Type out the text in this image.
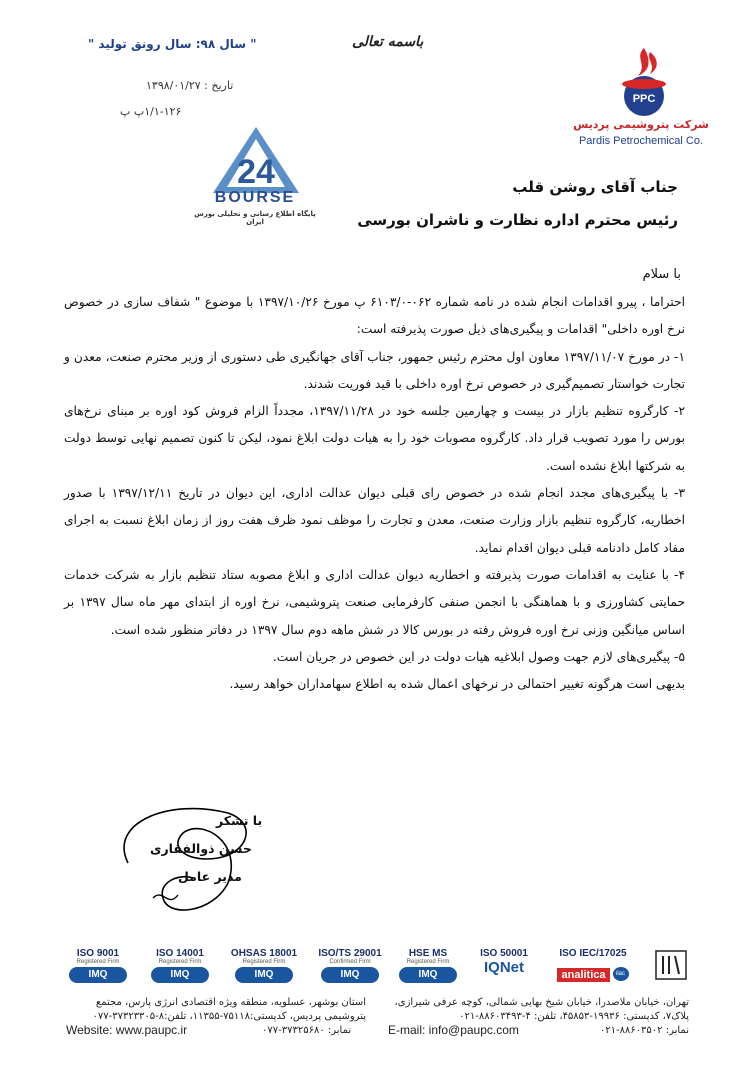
" سال ۹۸: سال رونق تولید "	باسمه تعالی
تاریخ : ۱۳۹۸/۰۱/۲۷
۱/۱-۱۲۶پ پ
PPC
شرکت پتروشیمی پردیس
Pardis Petrochemical Co.
24
BOURSE
پایگاه اطلاع رسانی و تحلیلی بورس ایران
جناب آقای روشن قلب
رئیس محترم اداره نظارت و ناشران بورسی
با سلام

احتراما ، پیرو اقدامات انجام شده در نامه شماره ۰۶۲-۶۱۰۳/۰ پ مورخ ۱۳۹۷/۱۰/۲۶ با موضوع " شفاف سازی در خصوص نرخ اوره داخلی" اقدامات و پیگیری‌های ذیل صورت پذیرفته است:

۱- در مورخ ۱۳۹۷/۱۱/۰۷ معاون اول محترم رئیس جمهور، جناب آقای جهانگیری طی دستوری از وزیر محترم صنعت، معدن و تجارت خواستار تصمیم‌گیری در خصوص نرخ اوره داخلی با قید فوریت شدند.

۲- کارگروه تنظیم بازار در بیست و چهارمین جلسه خود در ۱۳۹۷/۱۱/۲۸، مجدداً الزام فروش کود اوره بر مبنای نرخ‌های بورس را مورد تصویب قرار داد. کارگروه مصوبات خود را به هیات دولت ابلاغ نمود، لیکن تا کنون تصمیم نهایی توسط دولت به شرکتها ابلاغ نشده است.

۳- با پیگیری‌های مجدد انجام شده در خصوص رای قبلی دیوان عدالت اداری، این دیوان در تاریخ ۱۳۹۷/۱۲/۱۱ با صدور اخطاریه، کارگروه تنظیم بازار وزارت صنعت، معدن و تجارت را موظف نمود ظرف هفت روز از زمان ابلاغ نسبت به اجرای مفاد کامل دادنامه قبلی دیوان اقدام نماید.

۴- با عنایت به اقدامات صورت پذیرفته و اخطاریه دیوان عدالت اداری و ابلاغ مصوبه ستاد تنظیم بازار به شرکت خدمات حمایتی کشاورزی و با هماهنگی با انجمن صنفی کارفرمایی صنعت پتروشیمی، نرخ اوره از ابتدای مهر ماه سال ۱۳۹۷ بر اساس میانگین وزنی نرخ اوره فروش رفته در بورس کالا در شش ماهه دوم سال ۱۳۹۷ در دفاتر منظور شده است.

۵- پیگیری‌های لازم جهت وصول ابلاغیه هیات دولت در این خصوص در جریان است.

بدیهی است هرگونه تغییر احتمالی در نرخهای اعمال شده به اطلاع سهامداران خواهد رسید.

با تشکر
حسن ذوالفقاری
مدیر عامل
ISO 9001
Registered Firm
IMQ
ISO 14001
Registered Firm
IMQ
OHSAS 18001
Registered Firm
IMQ
ISO/TS 29001
Confirmed Firm
IMQ
HSE MS
Registered Firm
IMQ
ISO 50001
IQNet
ISO IEC/17025
analitica ilac
تهران، خیابان ملاصدرا، خیابان شیخ بهایی شمالی، کوچه عرفی شیرازی،
پلاک۷، کدپستی: ۱۹۹۳۶-۴۵۸۵۳، تلفن: ۴-۸۸۶۰۳۴۹۳-۰۲۱
نمابر: ۸۸۶۰۳۵۰۲-۰۲۱
E-mail: info@paupc.com
استان بوشهر، عسلویه، منطقه ویژه اقتصادی انرژی پارس، مجتمع
پتروشیمی پردیس، کدپستی:۷۵۱۱۸-۱۱۳۵۵، تلفن:۸-۳۷۳۲۳۳۰۵-۰۷۷
نمابر: ۳۷۳۲۵۶۸۰-۰۷۷
Website: www.paupc.ir
